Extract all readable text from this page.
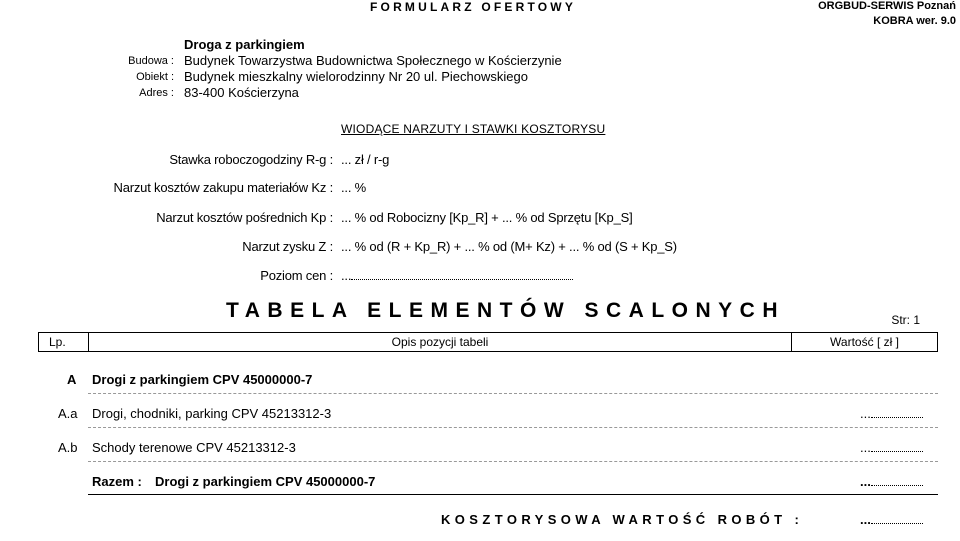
FORMULARZ OFERTOWY	ORGBUD-SERWIS Poznań
KOBRA wer. 9.0
Droga z parkingiem
Budowa : Budynek Towarzystwa Budownictwa Społecznego w Kościerzynie
Obiekt : Budynek mieszkalny wielorodzinny Nr 20 ul. Piechowskiego
Adres : 83-400 Kościerzyna
WIODĄCE NARZUTY I STAWKI KOSZTORYSU
Stawka roboczogodziny R-g : ... zł / r-g
Narzut kosztów zakupu materiałów Kz : ... %
Narzut kosztów pośrednich Kp : ... % od Robocizny [Kp_R] + ... % od Sprzętu [Kp_S]
Narzut zysku Z : ... % od (R + Kp_R) + ... % od (M+ Kz) + ... % od (S + Kp_S)
Poziom cen : ...
TABELA ELEMENTÓW SCALONYCH	Str: 1
Lp.	Opis pozycji tabeli	Wartość [ zł ]
A Drogi z parkingiem CPV 45000000-7
A.a Drogi, chodniki, parking CPV 45213312-3	...
A.b Schody terenowe CPV 45213312-3	...
Razem : Drogi z parkingiem CPV 45000000-7	...
KOSZTORYSOWA WARTOŚĆ ROBÓT :	...
